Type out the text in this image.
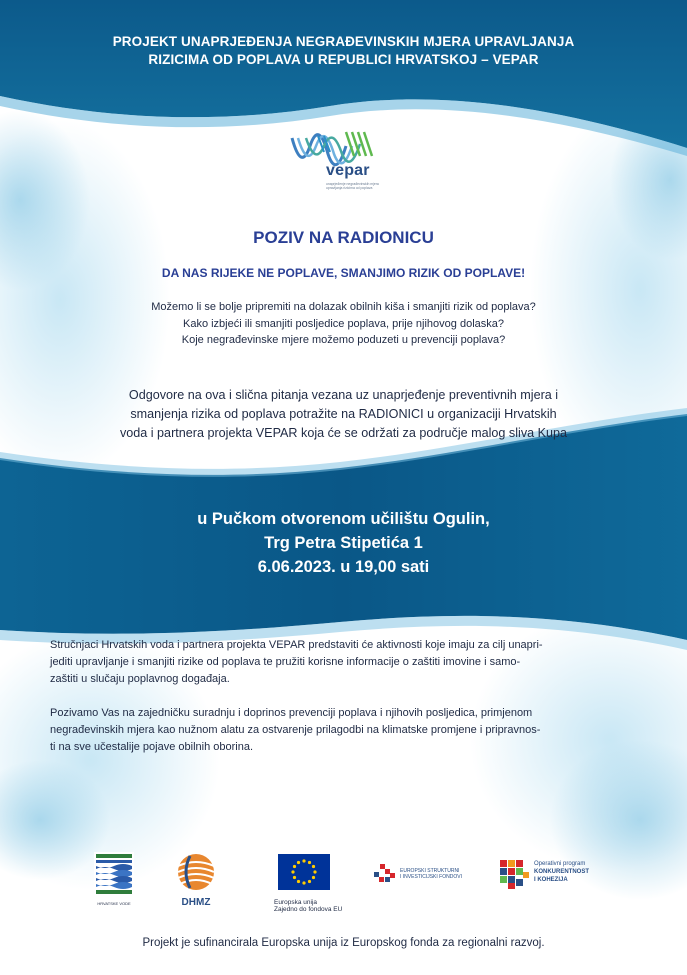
PROJEKT UNAPRJEĐENJA NEGRAĐEVINSKIH MJERA UPRAVLJANJA
RIZICIMA OD POPLAVA U REPUBLICI HRVATSKOJ – VEPAR
vepar
unaprjeđenje negrađevinskih mjera upravljanja rizicima od poplava
POZIV NA RADIONICU
DA NAS RIJEKE NE POPLAVE, SMANJIMO RIZIK OD POPLAVE!
Možemo li se bolje pripremiti na dolazak obilnih kiša i smanjiti rizik od poplava?
Kako izbjeći ili smanjiti posljedice poplava, prije njihovog dolaska?
Koje negrađevinske mjere možemo poduzeti u prevenciji poplava?
Odgovore na ova i slična pitanja vezana uz unaprjeđenje preventivnih mjera i
smanjenja rizika od poplava potražite na RADIONICI u organizaciji Hrvatskih
voda i partnera projekta VEPAR koja će se održati za područje malog sliva Kupa
u Pučkom otvorenom učilištu Ogulin,
Trg Petra Stipetića 1
6.06.2023. u 19,00 sati
Stručnjaci Hrvatskih voda i partnera projekta VEPAR predstaviti će aktivnosti koje imaju za cilj unapri-
jediti upravljanje i smanjiti rizike od poplava te pružiti korisne informacije o zaštiti imovine i samo-
zaštiti u slučaju poplavnog događaja.
Pozivamo Vas na zajedničku suradnju i doprinos prevenciji poplava i njihovih posljedica, primjenom
negrađevinskih mjera kao nužnom alatu za ostvarenje prilagodbi na klimatske promjene i pripravnos-
ti na sve učestalije pojave obilnih oborina.
HRVATSKE VODE	DHMZ	Europska unija
Zajedno do fondova EU
EUROPSKI STRUKTURNI
I INVESTICIJSKI FONDOVI
Operativni program
KONKURENTNOST
I KOHEZIJA
Projekt je sufinancirala Europska unija iz Europskog fonda za regionalni razvoj.
